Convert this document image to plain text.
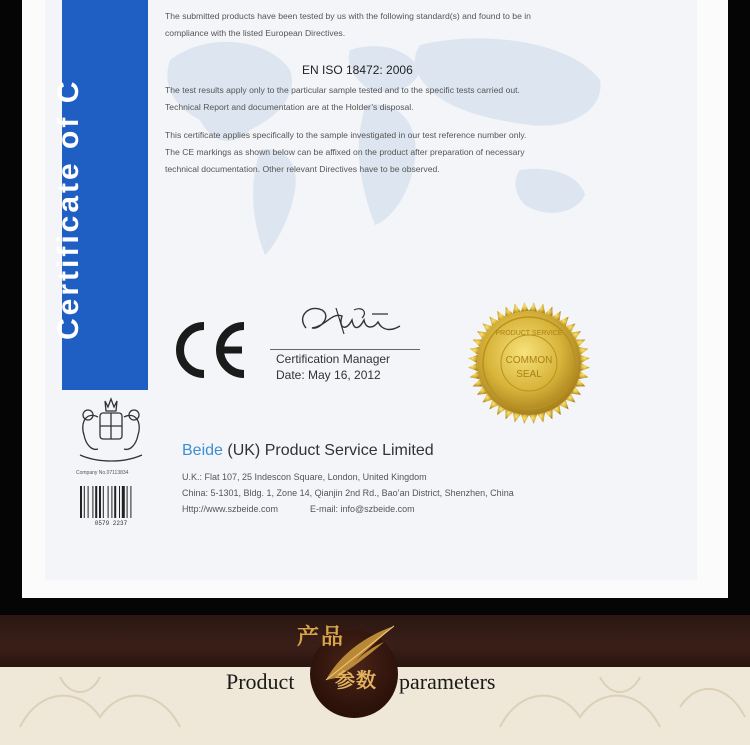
Certificate of C
The submitted products have been tested by us with the following standard(s) and found to be in
compliance with the listed European Directives.
EN ISO 18472: 2006
The test results apply only to the particular sample tested and to the specific tests carried out.
Technical Report and documentation are at the Holder’s disposal.
This certificate applies specifically to the sample investigated in our test reference number only.
The CE markings as shown below can be affixed on the product after preparation of necessary
technical documentation. Other relevant Directives have to be observed.
Certification Manager
Date: May 16, 2012
PRODUCT SERVICE
COMMON
SEAL
Company No.07113834
0579 2237
Beide (UK) Product Service Limited
U.K.: Flat 107, 25 Indescon Square, London, United Kingdom
China: 5-1301, Bldg. 1, Zone 14, Qianjin 2nd Rd., Bao’an District, Shenzhen, China
Http://www.szbeide.com	E-mail: info@szbeide.com
产品
参数
Product	parameters
